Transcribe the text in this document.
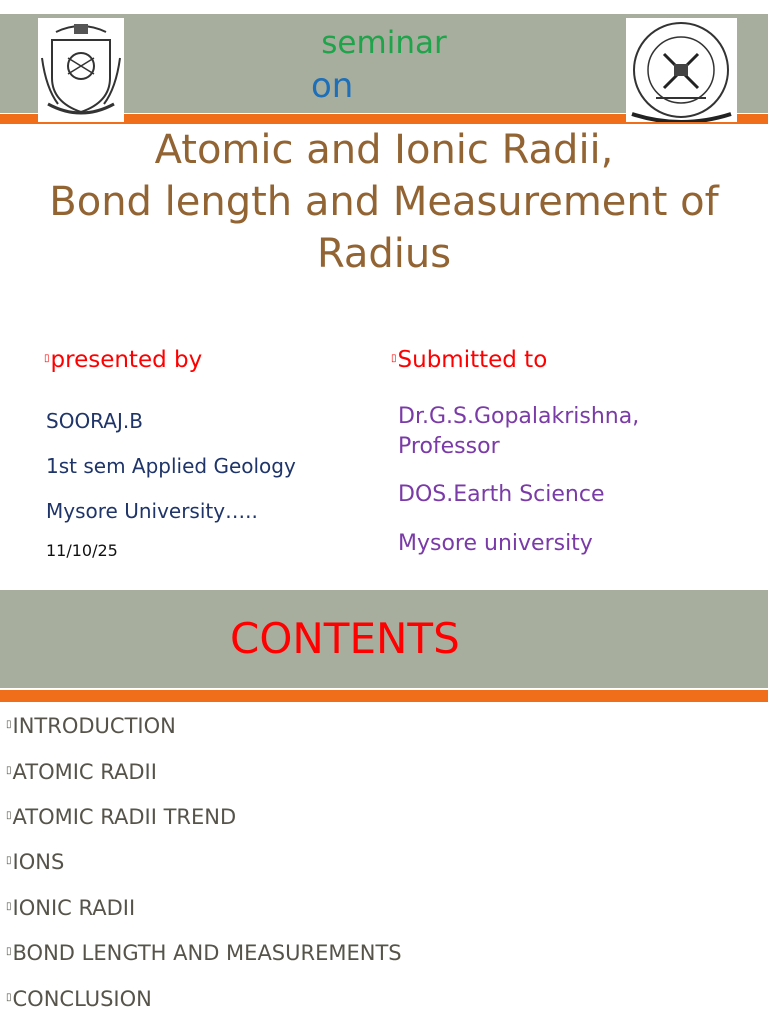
seminar
on
Atomic and Ionic Radii,
Bond length and Measurement of
Radius
▯presented by
SOORAJ.B
1st sem Applied Geology
Mysore University…..
11/10/25
▯Submitted to
Dr.G.S.Gopalakrishna,
Professor
DOS.Earth Science
Mysore university
CONTENTS
▯INTRODUCTION
▯ATOMIC RADII
▯ATOMIC RADII TREND
▯IONS
▯IONIC RADII
▯BOND LENGTH AND MEASUREMENTS
▯CONCLUSION
